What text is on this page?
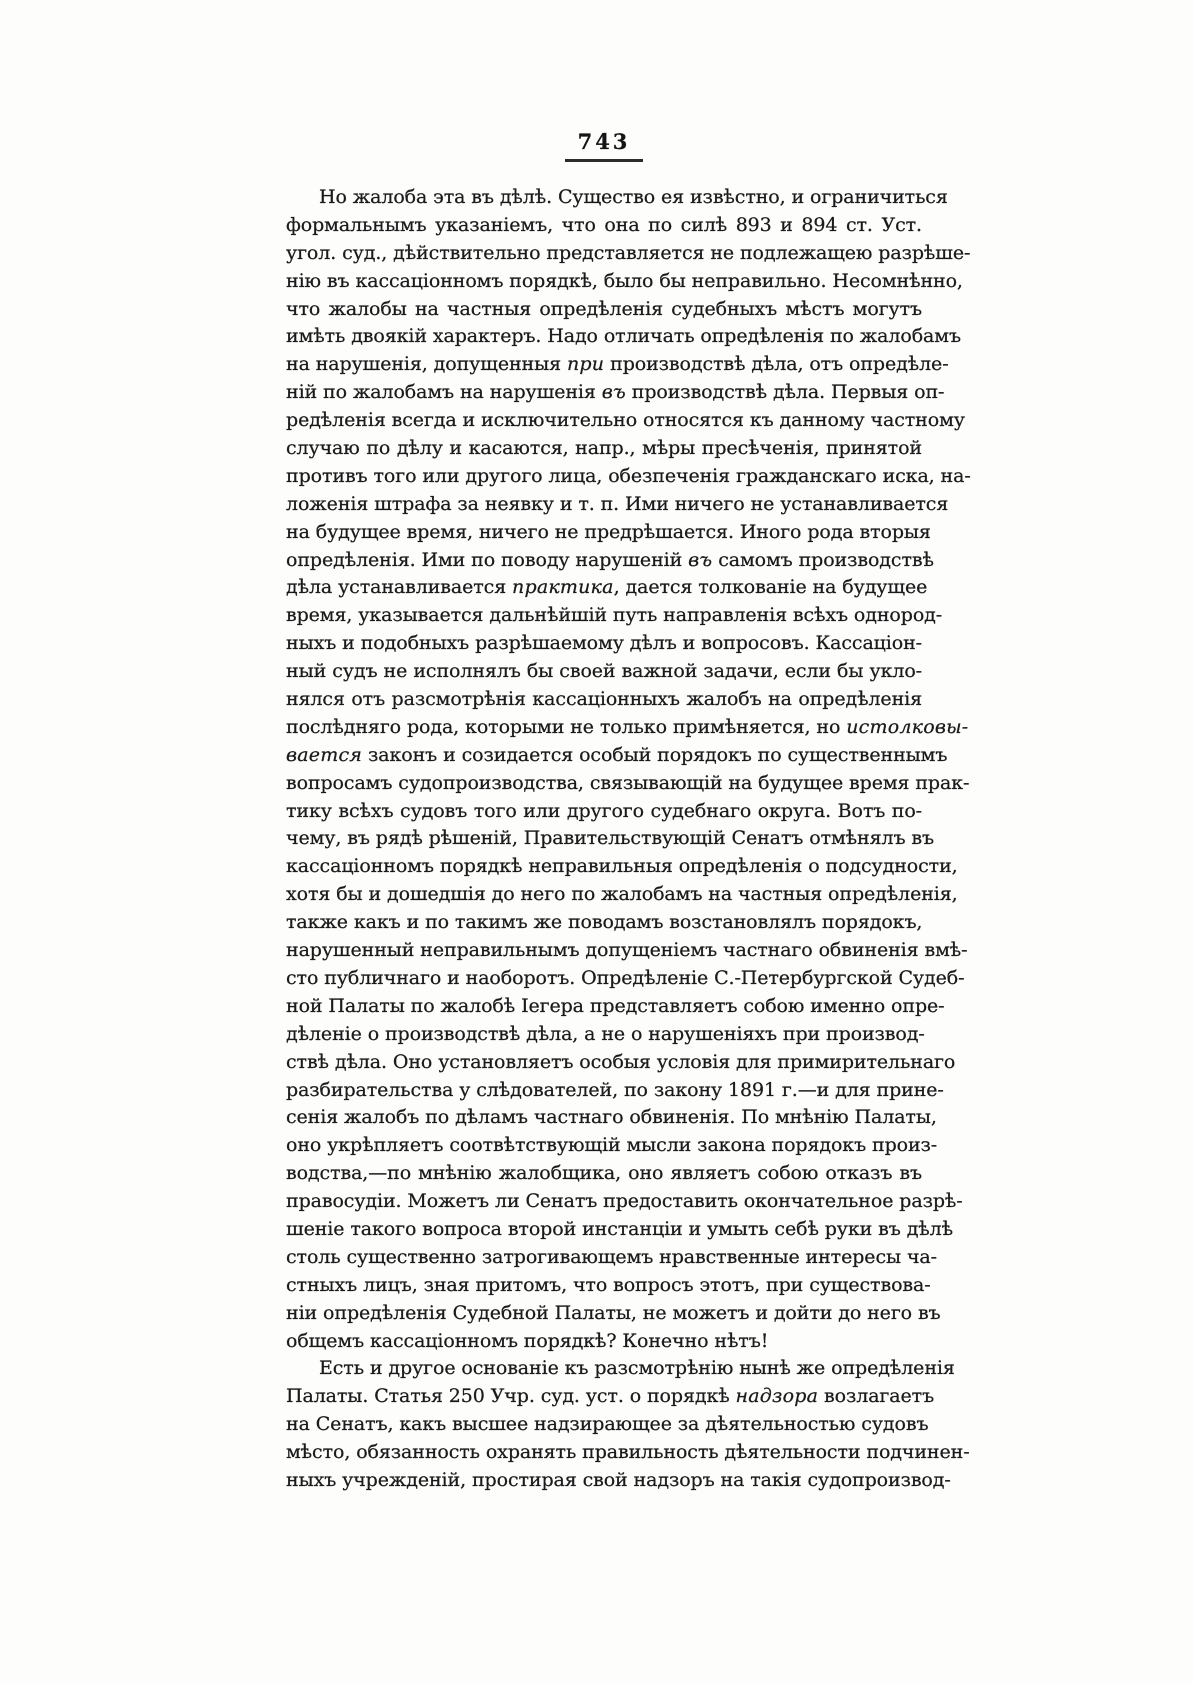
743
Но жалоба эта въ дѣлѣ. Существо ея извѣстно, и ограничиться
формальнымъ указаніемъ, что она по силѣ 893 и 894 ст. Уст.
угол. суд., дѣйствительно представляется не подлежащею разрѣше-
нію въ кассаціонномъ порядкѣ, было бы неправильно. Несомнѣнно,
что жалобы на частныя опредѣленія судебныхъ мѣстъ могутъ
имѣть двоякій характеръ. Надо отличать опредѣленія по жалобамъ
на нарушенія, допущенныя при производствѣ дѣла, отъ опредѣле-
ній по жалобамъ на нарушенія въ производствѣ дѣла. Первыя оп-
редѣленія всегда и исключительно относятся къ данному частному
случаю по дѣлу и касаются, напр., мѣры пресѣченія, принятой
противъ того или другого лица, обезпеченія гражданскаго иска, на-
ложенія штрафа за неявку и т. п. Ими ничего не устанавливается
на будущее время, ничего не предрѣшается. Иного рода вторыя
опредѣленія. Ими по поводу нарушеній въ самомъ производствѣ
дѣла устанавливается практика, дается толкованіе на будущее
время, указывается дальнѣйшій путь направленія всѣхъ однород-
ныхъ и подобныхъ разрѣшаемому дѣлъ и вопросовъ. Кассаціон-
ный судъ не исполнялъ бы своей важной задачи, если бы укло-
нялся отъ разсмотрѣнія кассаціонныхъ жалобъ на опредѣленія
послѣдняго рода, которыми не только примѣняется, но истолковы-
вается законъ и созидается особый порядокъ по существеннымъ
вопросамъ судопроизводства, связывающій на будущее время прак-
тику всѣхъ судовъ того или другого судебнаго округа. Вотъ по-
чему, въ рядѣ рѣшеній, Правительствующій Сенатъ отмѣнялъ въ
кассаціонномъ порядкѣ неправильныя опредѣленія о подсудности,
хотя бы и дошедшія до него по жалобамъ на частныя опредѣленія,
также какъ и по такимъ же поводамъ возстановлялъ порядокъ,
нарушенный неправильнымъ допущеніемъ частнаго обвиненія вмѣ-
сто публичнаго и наоборотъ. Опредѣленіе С.-Петербургской Судеб-
ной Палаты по жалобѣ Іегера представляетъ собою именно опре-
дѣленіе о производствѣ дѣла, а не о нарушеніяхъ при производ-
ствѣ дѣла. Оно установляетъ особыя условія для примирительнаго
разбирательства у слѣдователей, по закону 1891 г.—и для прине-
сенія жалобъ по дѣламъ частнаго обвиненія. По мнѣнію Палаты,
оно укрѣпляетъ соотвѣтствующій мысли закона порядокъ произ-
водства,—по мнѣнію жалобщика, оно являетъ собою отказъ въ
правосудіи. Можетъ ли Сенатъ предоставить окончательное разрѣ-
шеніе такого вопроса второй инстанціи и умыть себѣ руки въ дѣлѣ
столь существенно затрогивающемъ нравственные интересы ча-
стныхъ лицъ, зная притомъ, что вопросъ этотъ, при существова-
ніи опредѣленія Судебной Палаты, не можетъ и дойти до него въ
общемъ кассаціонномъ порядкѣ? Конечно нѣтъ!
Есть и другое основаніе къ разсмотрѣнію нынѣ же опредѣленія
Палаты. Статья 250 Учр. суд. уст. о порядкѣ надзора возлагаетъ
на Сенатъ, какъ высшее надзирающее за дѣятельностью судовъ
мѣсто, обязанность охранять правильность дѣятельности подчинен-
ныхъ учрежденій, простирая свой надзоръ на такія судопроизвод-
